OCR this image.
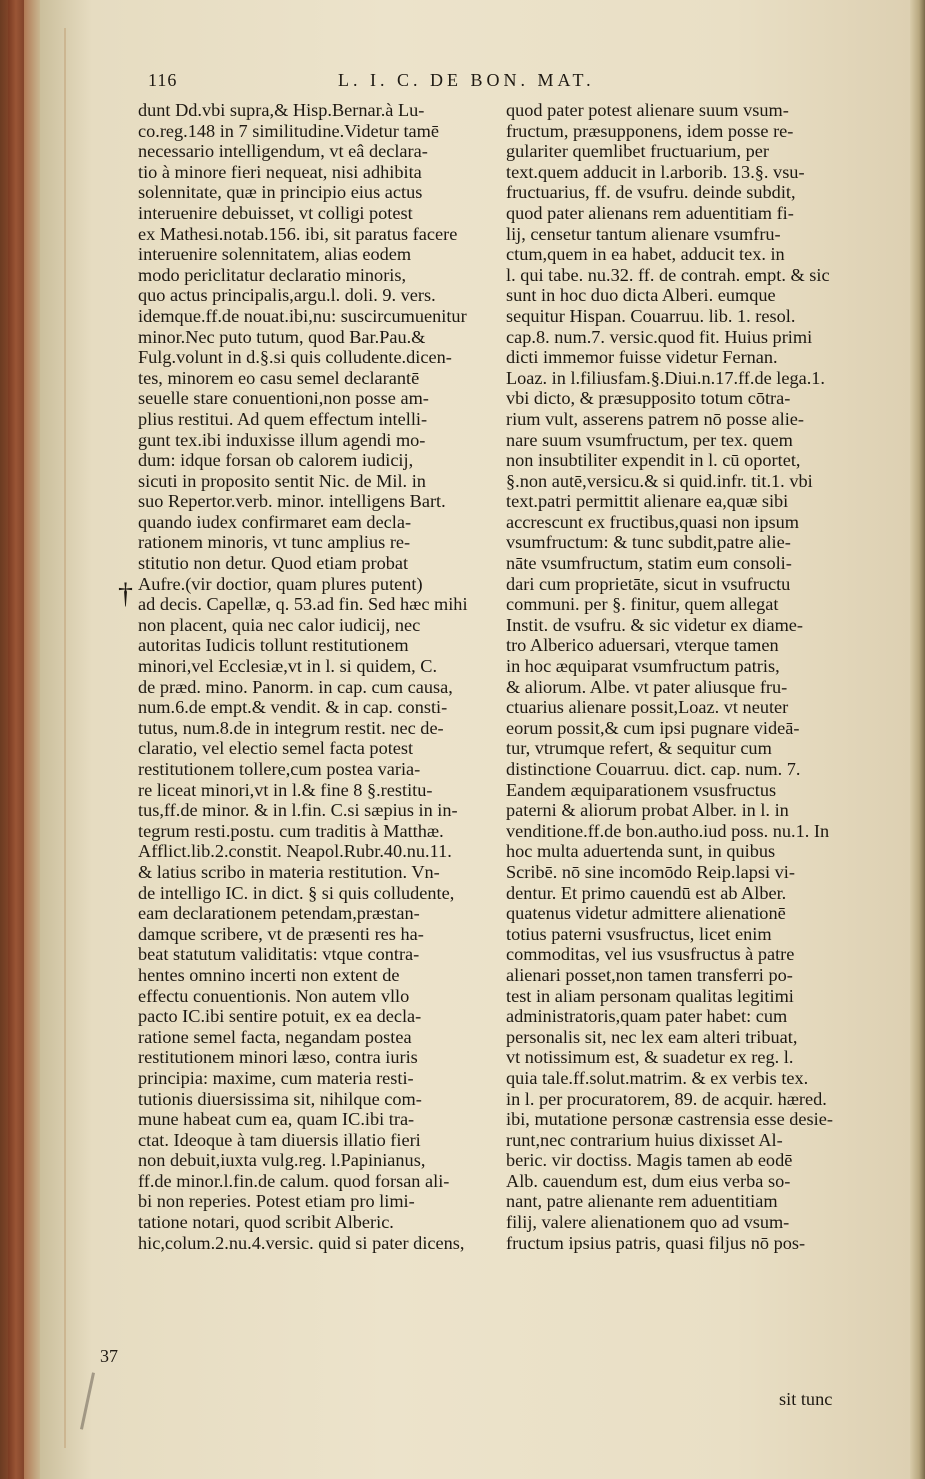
116	L. I. C. DE BON. MAT.
†
37
dunt Dd.vbi supra,& Hisp.Bernar.à Lu-
co.reg.148 in 7 similitudine.Videtur tamē
necessario intelligendum, vt eâ declara-
tio à minore fieri nequeat, nisi adhibita
solennitate, quæ in principio eius actus
interuenire debuisset, vt colligi potest
ex Mathesi.notab.156. ibi, sit paratus facere
interuenire solennitatem, alias eodem
modo periclitatur declaratio minoris,
quo actus principalis,argu.l. doli. 9. vers.
idemque.ff.de nouat.ibi,nu: suscircumuenitur
minor.Nec puto tutum, quod Bar.Pau.&
Fulg.volunt in d.§.si quis colludente.dicen-
tes, minorem eo casu semel declarantē
seuelle stare conuentioni,non posse am-
plius restitui. Ad quem effectum intelli-
gunt tex.ibi induxisse illum agendi mo-
dum: idque forsan ob calorem iudicij,
sicuti in proposito sentit Nic. de Mil. in
suo Repertor.verb. minor. intelligens Bart.
quando iudex confirmaret eam decla-
rationem minoris, vt tunc amplius re-
stitutio non detur. Quod etiam probat
Aufre.(vir doctior, quam plures putent)
ad decis. Capellæ, q. 53.ad fin. Sed hæc mihi
non placent, quia nec calor iudicij, nec
autoritas Iudicis tollunt restitutionem
minori,vel Ecclesiæ,vt in l. si quidem, C.
de præd. mino. Panorm. in cap. cum causa,
num.6.de empt.& vendit. & in cap. consti-
tutus, num.8.de in integrum restit. nec de-
claratio, vel electio semel facta potest
restitutionem tollere,cum postea varia-
re liceat minori,vt in l.& fine 8 §.restitu-
tus,ff.de minor. & in l.fin. C.si sæpius in in-
tegrum resti.postu. cum traditis à Matthæ.
Afflict.lib.2.constit. Neapol.Rubr.40.nu.11.
& latius scribo in materia restitution. Vn-
de intelligo IC. in dict. § si quis colludente,
eam declarationem petendam,præstan-
damque scribere, vt de præsenti res ha-
beat statutum validitatis: vtque contra-
hentes omnino incerti non extent de
effectu conuentionis. Non autem vllo
pacto IC.ibi sentire potuit, ex ea decla-
ratione semel facta, negandam postea
restitutionem minori læso, contra iuris
principia: maxime, cum materia resti-
tutionis diuersissima sit, nihilque com-
mune habeat cum ea, quam IC.ibi tra-
ctat. Ideoque à tam diuersis illatio fieri
non debuit,iuxta vulg.reg. l.Papinianus,
ff.de minor.l.fin.de calum. quod forsan ali-
bi non reperies. Potest etiam pro limi-
tatione notari, quod scribit Alberic.
hic,colum.2.nu.4.versic. quid si pater dicens,
quod pater potest alienare suum vsum-
fructum, præsupponens, idem posse re-
gulariter quemlibet fructuarium, per
text.quem adducit in l.arborib. 13.§. vsu-
fructuarius, ff. de vsufru. deinde subdit,
quod pater alienans rem aduentitiam fi-
lij, censetur tantum alienare vsumfru-
ctum,quem in ea habet, adducit tex. in
l. qui tabe. nu.32. ff. de contrah. empt. & sic
sunt in hoc duo dicta Alberi. eumque
sequitur Hispan. Couarruu. lib. 1. resol.
cap.8. num.7. versic.quod fit. Huius primi
dicti immemor fuisse videtur Fernan.
Loaz. in l.filiusfam.§.Diui.n.17.ff.de lega.1.
vbi dicto, & præsupposito totum cōtra-
rium vult, asserens patrem nō posse alie-
nare suum vsumfructum, per tex. quem
non insubtiliter expendit in l. cū oportet,
§.non autē,versicu.& si quid.infr. tit.1. vbi
text.patri permittit alienare ea,quæ sibi
accrescunt ex fructibus,quasi non ipsum
vsumfructum: & tunc subdit,patre alie-
nāte vsumfructum, statim eum consoli-
dari cum proprietāte, sicut in vsufructu
communi. per §. finitur, quem allegat
Instit. de vsufru. & sic videtur ex diame-
tro Alberico aduersari, vterque tamen
in hoc æquiparat vsumfructum patris,
& aliorum. Albe. vt pater aliusque fru-
ctuarius alienare possit,Loaz. vt neuter
eorum possit,& cum ipsi pugnare videā-
tur, vtrumque refert, & sequitur cum
distinctione Couarruu. dict. cap. num. 7.
Eandem æquiparationem vsusfructus
paterni & aliorum probat Alber. in l. in
venditione.ff.de bon.autho.iud poss. nu.1. In
hoc multa aduertenda sunt, in quibus
Scribē. nō sine incomōdo Reip.lapsi vi-
dentur. Et primo cauendū est ab Alber.
quatenus videtur admittere alienationē
totius paterni vsusfructus, licet enim
commoditas, vel ius vsusfructus à patre
alienari posset,non tamen transferri po-
test in aliam personam qualitas legitimi
administratoris,quam pater habet: cum
personalis sit, nec lex eam alteri tribuat,
vt notissimum est, & suadetur ex reg. l.
quia tale.ff.solut.matrim. & ex verbis tex.
in l. per procuratorem, 89. de acquir. hæred.
ibi, mutatione personæ castrensia esse desie-
runt,nec contrarium huius dixisset Al-
beric. vir doctiss. Magis tamen ab eodē
Alb. cauendum est, dum eius verba so-
nant, patre alienante rem aduentitiam
filij, valere alienationem quo ad vsum-
fructum ipsius patris, quasi filjus nō pos-
sit tunc
